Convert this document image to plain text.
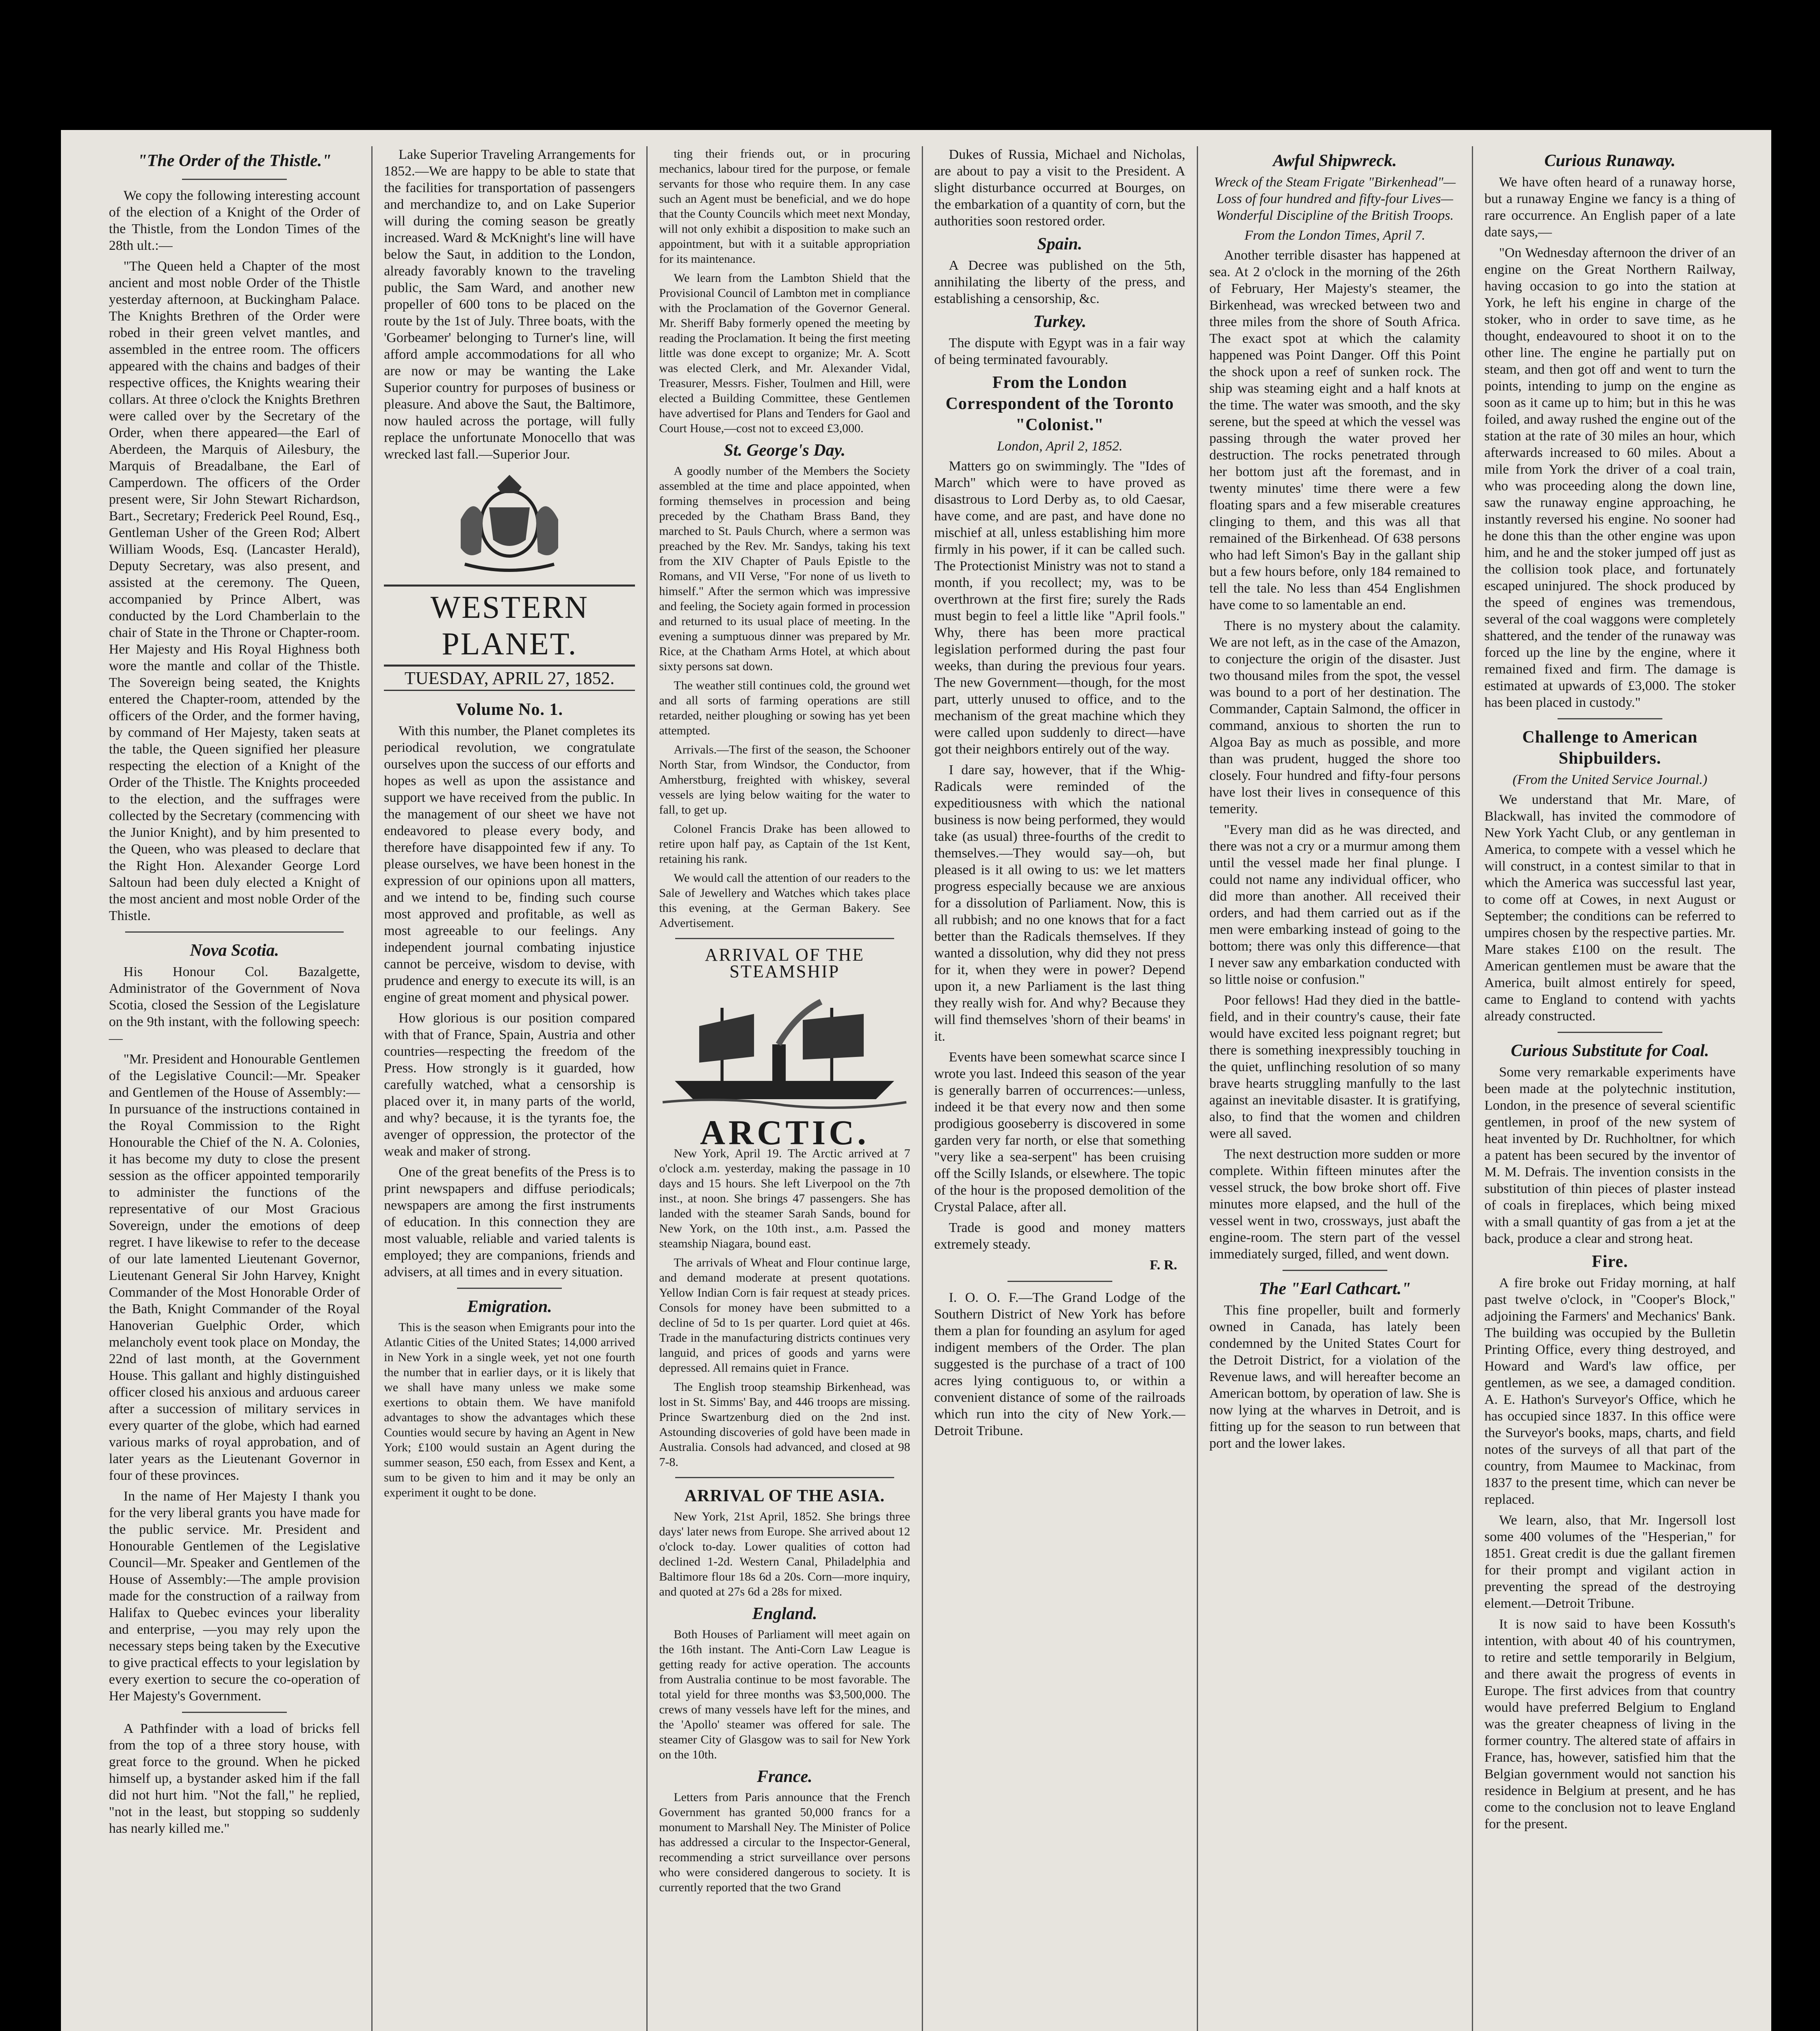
"The Order of the Thistle."

We copy the following interesting account of the election of a Knight of the Order of the Thistle, from the London Times of the 28th ult.:—

"The Queen held a Chapter of the most ancient and most noble Order of the Thistle yesterday afternoon, at Buckingham Palace. The Knights Brethren of the Order were robed in their green velvet mantles, and assembled in the entree room. The officers appeared with the chains and badges of their respective offices, the Knights wearing their collars. At three o'clock the Knights Brethren were called over by the Secretary of the Order, when there appeared—the Earl of Aberdeen, the Marquis of Ailesbury, the Marquis of Breadalbane, the Earl of Camperdown. The officers of the Order present were, Sir John Stewart Richardson, Bart., Secretary; Frederick Peel Round, Esq., Gentleman Usher of the Green Rod; Albert William Woods, Esq. (Lancaster Herald), Deputy Secretary, was also present, and assisted at the ceremony. The Queen, accompanied by Prince Albert, was conducted by the Lord Chamberlain to the chair of State in the Throne or Chapter-room. Her Majesty and His Royal Highness both wore the mantle and collar of the Thistle. The Sovereign being seated, the Knights entered the Chapter-room, attended by the officers of the Order, and the former having, by command of Her Majesty, taken seats at the table, the Queen signified her pleasure respecting the election of a Knight of the Order of the Thistle. The Knights proceeded to the election, and the suffrages were collected by the Secretary (commencing with the Junior Knight), and by him presented to the Queen, who was pleased to declare that the Right Hon. Alexander George Lord Saltoun had been duly elected a Knight of the most ancient and most noble Order of the Thistle.

Nova Scotia.

His Honour Col. Bazalgette, Administrator of the Government of Nova Scotia, closed the Session of the Legislature on the 9th instant, with the following speech:—

"Mr. President and Honourable Gentlemen of the Legislative Council:—Mr. Speaker and Gentlemen of the House of Assembly:—In pursuance of the instructions contained in the Royal Commission to the Right Honourable the Chief of the N. A. Colonies, it has become my duty to close the present session as the officer appointed temporarily to administer the functions of the representative of our Most Gracious Sovereign, under the emotions of deep regret. I have likewise to refer to the decease of our late lamented Lieutenant Governor, Lieutenant General Sir John Harvey, Knight Commander of the Most Honorable Order of the Bath, Knight Commander of the Royal Hanoverian Guelphic Order, which melancholy event took place on Monday, the 22nd of last month, at the Government House. This gallant and highly distinguished officer closed his anxious and arduous career after a succession of military services in every quarter of the globe, which had earned various marks of royal approbation, and of later years as the Lieutenant Governor in four of these provinces.

In the name of Her Majesty I thank you for the very liberal grants you have made for the public service. Mr. President and Honourable Gentlemen of the Legislative Council—Mr. Speaker and Gentlemen of the House of Assembly:—The ample provision made for the construction of a railway from Halifax to Quebec evinces your liberality and enterprise, —you may rely upon the necessary steps being taken by the Executive to give practical effects to your legislation by every exertion to secure the co-operation of Her Majesty's Government.

A Pathfinder with a load of bricks fell from the top of a three story house, with great force to the ground. When he picked himself up, a bystander asked him if the fall did not hurt him. "Not the fall," he replied, "not in the least, but stopping so suddenly has nearly killed me."

Lake Superior Traveling Arrangements for 1852.—We are happy to be able to state that the facilities for transportation of passengers and merchandize to, and on Lake Superior will during the coming season be greatly increased. Ward & McKnight's line will have below the Saut, in addition to the London, already favorably known to the traveling public, the Sam Ward, and another new propeller of 600 tons to be placed on the route by the 1st of July. Three boats, with the 'Gorbeamer' belonging to Turner's line, will afford ample accommodations for all who are now or may be wanting the Lake Superior country for purposes of business or pleasure. And above the Saut, the Baltimore, now hauled across the portage, will fully replace the unfortunate Monocello that was wrecked last fall.—Superior Jour.

WESTERN PLANET.
TUESDAY, APRIL 27, 1852.
Volume No. 1.

With this number, the Planet completes its periodical revolution, we congratulate ourselves upon the success of our efforts and hopes as well as upon the assistance and support we have received from the public. In the management of our sheet we have not endeavored to please every body, and therefore have disappointed few if any. To please ourselves, we have been honest in the expression of our opinions upon all matters, and we intend to be, finding such course most approved and profitable, as well as most agreeable to our feelings. Any independent journal combating injustice cannot be perceive, wisdom to devise, with prudence and energy to execute its will, is an engine of great moment and physical power.

How glorious is our position compared with that of France, Spain, Austria and other countries—respecting the freedom of the Press. How strongly is it guarded, how carefully watched, what a censorship is placed over it, in many parts of the world, and why? because, it is the tyrants foe, the avenger of oppression, the protector of the weak and maker of strong.

One of the great benefits of the Press is to print newspapers and diffuse periodicals; newspapers are among the first instruments of education. In this connection they are most valuable, reliable and varied talents is employed; they are companions, friends and advisers, at all times and in every situation.

Emigration.

This is the season when Emigrants pour into the Atlantic Cities of the United States; 14,000 arrived in New York in a single week, yet not one fourth the number that in earlier days, or it is likely that we shall have many unless we make some exertions to obtain them. We have manifold advantages to show the advantages which these Counties would secure by having an Agent in New York; £100 would sustain an Agent during the summer season, £50 each, from Essex and Kent, a sum to be given to him and it may be only an experiment it ought to be done.

ting their friends out, or in procuring mechanics, labour tired for the purpose, or female servants for those who require them. In any case such an Agent must be beneficial, and we do hope that the County Councils which meet next Monday, will not only exhibit a disposition to make such an appointment, but with it a suitable appropriation for its maintenance.

We learn from the Lambton Shield that the Provisional Council of Lambton met in compliance with the Proclamation of the Governor General. Mr. Sheriff Baby formerly opened the meeting by reading the Proclamation. It being the first meeting little was done except to organize; Mr. A. Scott was elected Clerk, and Mr. Alexander Vidal, Treasurer, Messrs. Fisher, Toulmen and Hill, were elected a Building Committee, these Gentlemen have advertised for Plans and Tenders for Gaol and Court House,—cost not to exceed £3,000.

St. George's Day.

A goodly number of the Members the Society assembled at the time and place appointed, when forming themselves in procession and being preceded by the Chatham Brass Band, they marched to St. Pauls Church, where a sermon was preached by the Rev. Mr. Sandys, taking his text from the XIV Chapter of Pauls Epistle to the Romans, and VII Verse, "For none of us liveth to himself." After the sermon which was impressive and feeling, the Society again formed in procession and returned to its usual place of meeting. In the evening a sumptuous dinner was prepared by Mr. Rice, at the Chatham Arms Hotel, at which about sixty persons sat down.

The weather still continues cold, the ground wet and all sorts of farming operations are still retarded, neither ploughing or sowing has yet been attempted.

Arrivals.—The first of the season, the Schooner North Star, from Windsor, the Conductor, from Amherstburg, freighted with whiskey, several vessels are lying below waiting for the water to fall, to get up.

Colonel Francis Drake has been allowed to retire upon half pay, as Captain of the 1st Kent, retaining his rank.

We would call the attention of our readers to the Sale of Jewellery and Watches which takes place this evening, at the German Bakery. See Advertisement.

ARRIVAL OF THE STEAMSHIP
ARCTIC.

New York, April 19. The Arctic arrived at 7 o'clock a.m. yesterday, making the passage in 10 days and 15 hours. She left Liverpool on the 7th inst., at noon. She brings 47 passengers. She has landed with the steamer Sarah Sands, bound for New York, on the 10th inst., a.m. Passed the steamship Niagara, bound east.

The arrivals of Wheat and Flour continue large, and demand moderate at present quotations. Yellow Indian Corn is fair request at steady prices. Consols for money have been submitted to a decline of 5d to 1s per quarter. Lord quiet at 46s. Trade in the manufacturing districts continues very languid, and prices of goods and yarns were depressed. All remains quiet in France.

The English troop steamship Birkenhead, was lost in St. Simms' Bay, and 446 troops are missing. Prince Swartzenburg died on the 2nd inst. Astounding discoveries of gold have been made in Australia. Consols had advanced, and closed at 98 7-8.

ARRIVAL OF THE ASIA.

New York, 21st April, 1852. She brings three days' later news from Europe. She arrived about 12 o'clock to-day. Lower qualities of cotton had declined 1-2d. Western Canal, Philadelphia and Baltimore flour 18s 6d a 20s. Corn—more inquiry, and quoted at 27s 6d a 28s for mixed.

England.

Both Houses of Parliament will meet again on the 16th instant. The Anti-Corn Law League is getting ready for active operation. The accounts from Australia continue to be most favorable. The total yield for three months was $3,500,000. The crews of many vessels have left for the mines, and the 'Apollo' steamer was offered for sale. The steamer City of Glasgow was to sail for New York on the 10th.

France.

Letters from Paris announce that the French Government has granted 50,000 francs for a monument to Marshall Ney. The Minister of Police has addressed a circular to the Inspector-General, recommending a strict surveillance over persons who were considered dangerous to society. It is currently reported that the two Grand

Dukes of Russia, Michael and Nicholas, are about to pay a visit to the President. A slight disturbance occurred at Bourges, on the embarkation of a quantity of corn, but the authorities soon restored order.

Spain.

A Decree was published on the 5th, annihilating the liberty of the press, and establishing a censorship, &c.

Turkey.

The dispute with Egypt was in a fair way of being terminated favourably.

From the London Correspondent of the Toronto "Colonist."
London, April 2, 1852.

Matters go on swimmingly. The "Ides of March" which were to have proved as disastrous to Lord Derby as, to old Caesar, have come, and are past, and have done no mischief at all, unless establishing him more firmly in his power, if it can be called such. The Protectionist Ministry was not to stand a month, if you recollect; my, was to be overthrown at the first fire; surely the Rads must begin to feel a little like "April fools." Why, there has been more practical legislation performed during the past four weeks, than during the previous four years. The new Government—though, for the most part, utterly unused to office, and to the mechanism of the great machine which they were called upon suddenly to direct—have got their neighbors entirely out of the way.

I dare say, however, that if the Whig-Radicals were reminded of the expeditiousness with which the national business is now being performed, they would take (as usual) three-fourths of the credit to themselves.—They would say—oh, but pleased is it all owing to us: we let matters progress especially because we are anxious for a dissolution of Parliament. Now, this is all rubbish; and no one knows that for a fact better than the Radicals themselves. If they wanted a dissolution, why did they not press for it, when they were in power? Depend upon it, a new Parliament is the last thing they really wish for. And why? Because they will find themselves 'shorn of their beams' in it.

Events have been somewhat scarce since I wrote you last. Indeed this season of the year is generally barren of occurrences:—unless, indeed it be that every now and then some prodigious gooseberry is discovered in some garden very far north, or else that something "very like a sea-serpent" has been cruising off the Scilly Islands, or elsewhere. The topic of the hour is the proposed demolition of the Crystal Palace, after all.

Trade is good and money matters extremely steady.

F. R.

I. O. O. F.—The Grand Lodge of the Southern District of New York has before them a plan for founding an asylum for aged indigent members of the Order. The plan suggested is the purchase of a tract of 100 acres lying contiguous to, or within a convenient distance of some of the railroads which run into the city of New York.—Detroit Tribune.

Awful Shipwreck.
Wreck of the Steam Frigate "Birkenhead"—Loss of four hundred and fifty-four Lives—Wonderful Discipline of the British Troops.
From the London Times, April 7.

Another terrible disaster has happened at sea. At 2 o'clock in the morning of the 26th of February, Her Majesty's steamer, the Birkenhead, was wrecked between two and three miles from the shore of South Africa. The exact spot at which the calamity happened was Point Danger. Off this Point the shock upon a reef of sunken rock. The ship was steaming eight and a half knots at the time. The water was smooth, and the sky serene, but the speed at which the vessel was passing through the water proved her destruction. The rocks penetrated through her bottom just aft the foremast, and in twenty minutes' time there were a few floating spars and a few miserable creatures clinging to them, and this was all that remained of the Birkenhead. Of 638 persons who had left Simon's Bay in the gallant ship but a few hours before, only 184 remained to tell the tale. No less than 454 Englishmen have come to so lamentable an end.

There is no mystery about the calamity. We are not left, as in the case of the Amazon, to conjecture the origin of the disaster. Just two thousand miles from the spot, the vessel was bound to a port of her destination. The Commander, Captain Salmond, the officer in command, anxious to shorten the run to Algoa Bay as much as possible, and more than was prudent, hugged the shore too closely. Four hundred and fifty-four persons have lost their lives in consequence of this temerity.

"Every man did as he was directed, and there was not a cry or a murmur among them until the vessel made her final plunge. I could not name any individual officer, who did more than another. All received their orders, and had them carried out as if the men were embarking instead of going to the bottom; there was only this difference—that I never saw any embarkation conducted with so little noise or confusion."

Poor fellows! Had they died in the battle-field, and in their country's cause, their fate would have excited less poignant regret; but there is something inexpressibly touching in the quiet, unflinching resolution of so many brave hearts struggling manfully to the last against an inevitable disaster. It is gratifying, also, to find that the women and children were all saved.

The next destruction more sudden or more complete. Within fifteen minutes after the vessel struck, the bow broke short off. Five minutes more elapsed, and the hull of the vessel went in two, crossways, just abaft the engine-room. The stern part of the vessel immediately surged, filled, and went down.

The "Earl Cathcart."

This fine propeller, built and formerly owned in Canada, has lately been condemned by the United States Court for the Detroit District, for a violation of the Revenue laws, and will hereafter become an American bottom, by operation of law. She is now lying at the wharves in Detroit, and is fitting up for the season to run between that port and the lower lakes.

Curious Runaway.

We have often heard of a runaway horse, but a runaway Engine we fancy is a thing of rare occurrence. An English paper of a late date says,—

"On Wednesday afternoon the driver of an engine on the Great Northern Railway, having occasion to go into the station at York, he left his engine in charge of the stoker, who in order to save time, as he thought, endeavoured to shoot it on to the other line. The engine he partially put on steam, and then got off and went to turn the points, intending to jump on the engine as soon as it came up to him; but in this he was foiled, and away rushed the engine out of the station at the rate of 30 miles an hour, which afterwards increased to 60 miles. About a mile from York the driver of a coal train, who was proceeding along the down line, saw the runaway engine approaching, he instantly reversed his engine. No sooner had he done this than the other engine was upon him, and he and the stoker jumped off just as the collision took place, and fortunately escaped uninjured. The shock produced by the speed of engines was tremendous, several of the coal waggons were completely shattered, and the tender of the runaway was forced up the line by the engine, where it remained fixed and firm. The damage is estimated at upwards of £3,000. The stoker has been placed in custody."

Challenge to American Shipbuilders.
(From the United Service Journal.)

We understand that Mr. Mare, of Blackwall, has invited the commodore of New York Yacht Club, or any gentleman in America, to compete with a vessel which he will construct, in a contest similar to that in which the America was successful last year, to come off at Cowes, in next August or September; the conditions can be referred to umpires chosen by the respective parties. Mr. Mare stakes £100 on the result. The American gentlemen must be aware that the America, built almost entirely for speed, came to England to contend with yachts already constructed.

Curious Substitute for Coal.

Some very remarkable experiments have been made at the polytechnic institution, London, in the presence of several scientific gentlemen, in proof of the new system of heat invented by Dr. Ruchholtner, for which a patent has been secured by the inventor of M. M. Defrais. The invention consists in the substitution of thin pieces of plaster instead of coals in fireplaces, which being mixed with a small quantity of gas from a jet at the back, produce a clear and strong heat.

Fire.

A fire broke out Friday morning, at half past twelve o'clock, in "Cooper's Block," adjoining the Farmers' and Mechanics' Bank. The building was occupied by the Bulletin Printing Office, every thing destroyed, and Howard and Ward's law office, per gentlemen, as we see, a damaged condition. A. E. Hathon's Surveyor's Office, which he has occupied since 1837. In this office were the Surveyor's books, maps, charts, and field notes of the surveys of all that part of the country, from Maumee to Mackinac, from 1837 to the present time, which can never be replaced.

We learn, also, that Mr. Ingersoll lost some 400 volumes of the "Hesperian," for 1851. Great credit is due the gallant firemen for their prompt and vigilant action in preventing the spread of the destroying element.—Detroit Tribune.

It is now said to have been Kossuth's intention, with about 40 of his countrymen, to retire and settle temporarily in Belgium, and there await the progress of events in Europe. The first advices from that country would have preferred Belgium to England was the greater cheapness of living in the former country. The altered state of affairs in France, has, however, satisfied him that the Belgian government would not sanction his residence in Belgium at present, and he has come to the conclusion not to leave England for the present.
